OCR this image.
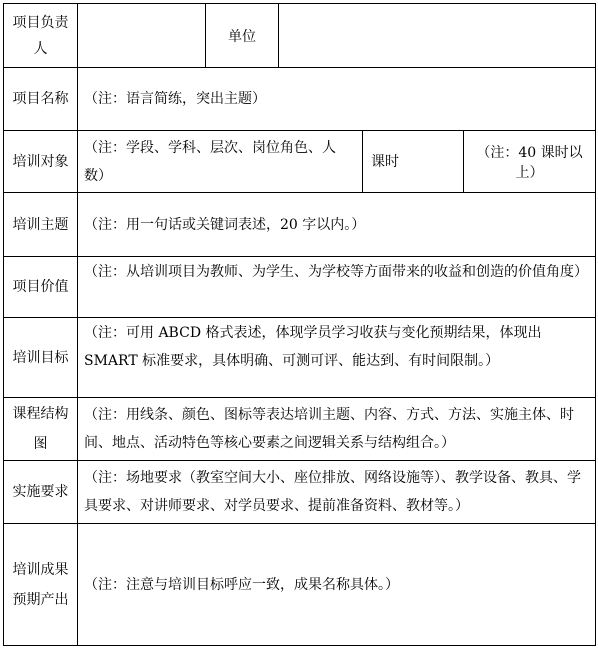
项目负责人		单位			
项目名称	（注：语言简练，突出主题）				
培训对象	（注：学段、学科、层次、岗位角色、人数）			课时	（注：40 课时以上）
培训主题	（注：用一句话或关键词表述，20 字以内。）				
项目价值	（注：从培训项目为教师、为学生、为学校等方面带来的收益和创造的价值角度）				
培训目标	（注：可用 ABCD 格式表述，体现学员学习收获与变化预期结果，体现出 SMART 标准要求，具体明确、可测可评、能达到、有时间限制。）				
课程结构图	（注：用线条、颜色、图标等表达培训主题、内容、方式、方法、实施主体、时间、地点、活动特色等核心要素之间逻辑关系与结构组合。）				
实施要求	（注：场地要求（教室空间大小、座位排放、网络设施等）、教学设备、教具、学具要求、对讲师要求、对学员要求、提前准备资料、教材等。）				
培训成果预期产出	（注：注意与培训目标呼应一致，成果名称具体。）				
